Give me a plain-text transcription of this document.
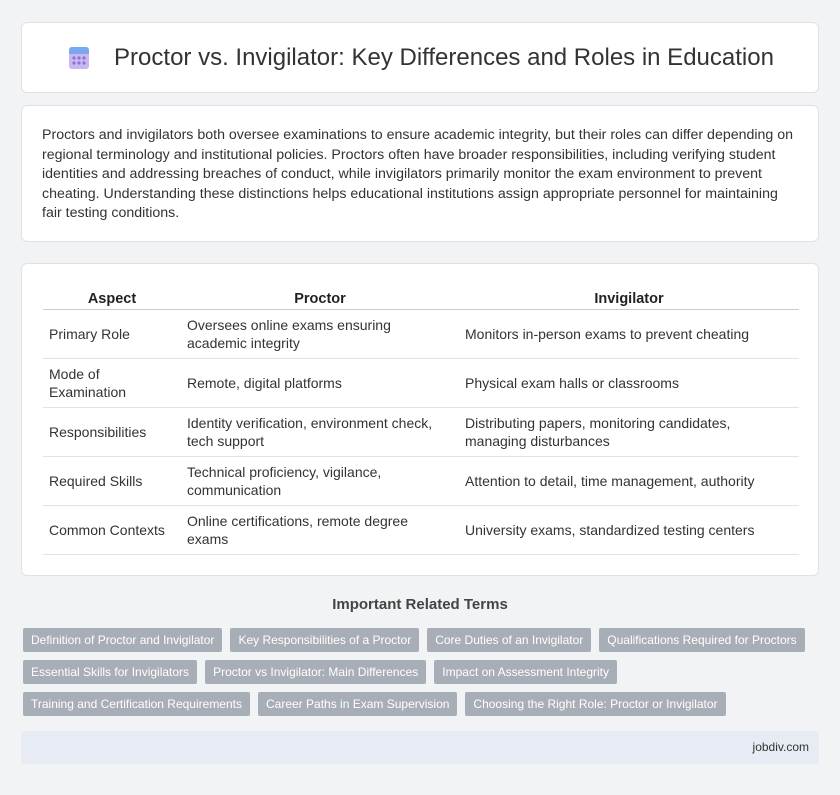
Proctor vs. Invigilator: Key Differences and Roles in Education

Proctors and invigilators both oversee examinations to ensure academic integrity, but their roles can differ depending on regional terminology and institutional policies. Proctors often have broader responsibilities, including verifying student identities and addressing breaches of conduct, while invigilators primarily monitor the exam environment to prevent cheating. Understanding these distinctions helps educational institutions assign appropriate personnel for maintaining fair testing conditions.

Aspect	Proctor	Invigilator
Primary Role	Oversees online exams ensuring academic integrity	Monitors in-person exams to prevent cheating
Mode of Examination	Remote, digital platforms	Physical exam halls or classrooms
Responsibilities	Identity verification, environment check, tech support	Distributing papers, monitoring candidates, managing disturbances
Required Skills	Technical proficiency, vigilance, communication	Attention to detail, time management, authority
Common Contexts	Online certifications, remote degree exams	University exams, standardized testing centers
Important Related Terms
Definition of Proctor and Invigilator	Key Responsibilities of a Proctor	Core Duties of an Invigilator	Qualifications Required for Proctors
Essential Skills for Invigilators	Proctor vs Invigilator: Main Differences	Impact on Assessment Integrity
Training and Certification Requirements	Career Paths in Exam Supervision	Choosing the Right Role: Proctor or Invigilator
jobdiv.com
